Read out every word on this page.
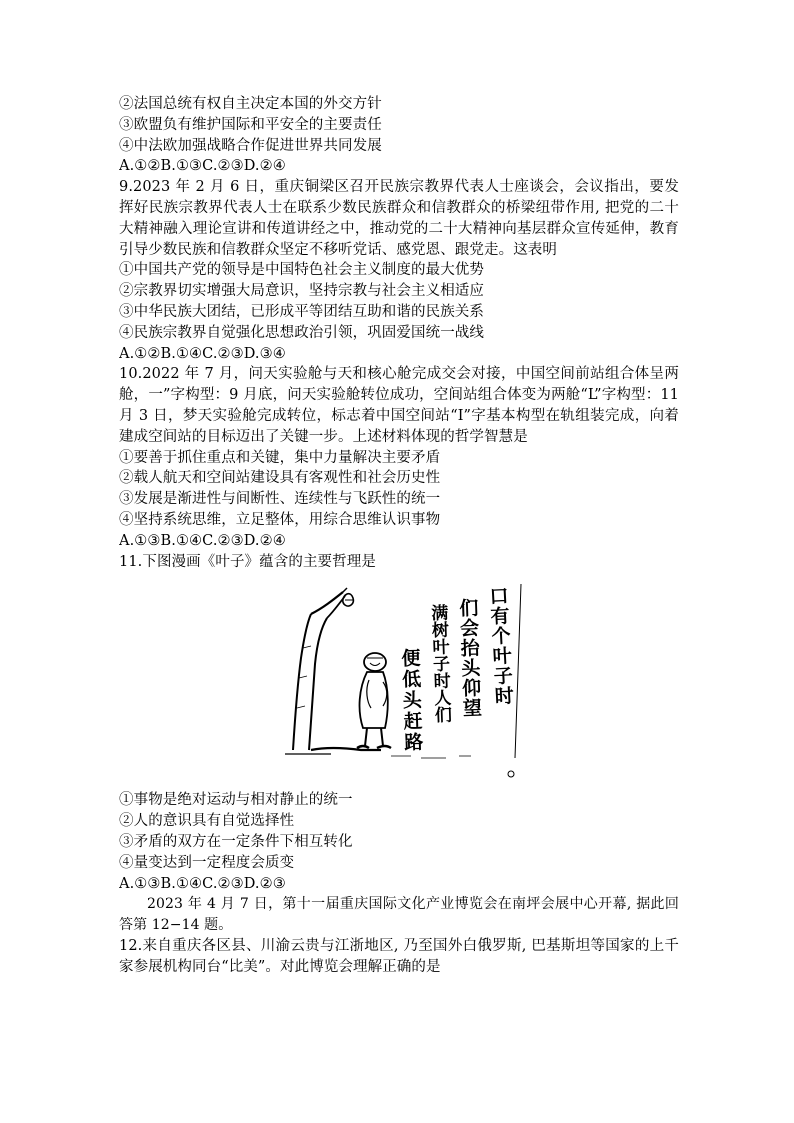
②法国总统有权自主决定本国的外交方针
③欧盟负有维护国际和平安全的主要责任
④中法欧加强战略合作促进世界共同发展
A.①②B.①③C.②③D.②④
9.2023 年 2 月 6 日，重庆铜梁区召开民族宗教界代表人士座谈会，会议指出，要发挥好民族宗教界代表人士在联系少数民族群众和信教群众的桥梁纽带作用, 把党的二十大精神融入理论宣讲和传道讲经之中，推动党的二十大精神向基层群众宣传延伸，教育引导少数民族和信教群众坚定不移听党话、感党恩、跟党走。这表明
①中国共产党的领导是中国特色社会主义制度的最大优势
②宗教界切实增强大局意识，坚持宗教与社会主义相适应
③中华民族大团结，已形成平等团结互助和谐的民族关系
④民族宗教界自觉强化思想政治引领，巩固爱国统一战线
A.①②B.①④C.②③D.③④
10.2022 年 7 月，问天实验舱与天和核心舱完成交会对接，中国空间前站组合体呈两舱，一”字构型：9 月底，问天实验舱转位成功，空间站组合体变为两舱“L”字构型：11 月 3 日，梦天实验舱完成转位，标志着中国空间站“I”字基本构型在轨组装完成，向着建成空间站的目标迈出了关键一步。上述材料体现的哲学智慧是
①要善于抓住重点和关键，集中力量解决主要矛盾
②载人航天和空间站建设具有客观性和社会历史性
③发展是渐进性与间断性、连续性与飞跃性的统一
④坚持系统思维，立足整体，用综合思维认识事物
A.①③B.①④C.②③D.②④
11.下图漫画《叶子》蕴含的主要哲理是
口有个叶子时
们会抬头仰望
满树叶子时人们
便低头赶路
①事物是绝对运动与相对静止的统一
②人的意识具有自觉选择性
③矛盾的双方在一定条件下相互转化
④量变达到一定程度会质变
A.①③B.①④C.②③D.②③
2023 年 4 月 7 日，第十一届重庆国际文化产业博览会在南坪会展中心开幕, 据此回答第 12−14 题。
12.来自重庆各区县、川渝云贵与江浙地区, 乃至国外白俄罗斯, 巴基斯坦等国家的上千家参展机构同台“比美”。对此博览会理解正确的是
